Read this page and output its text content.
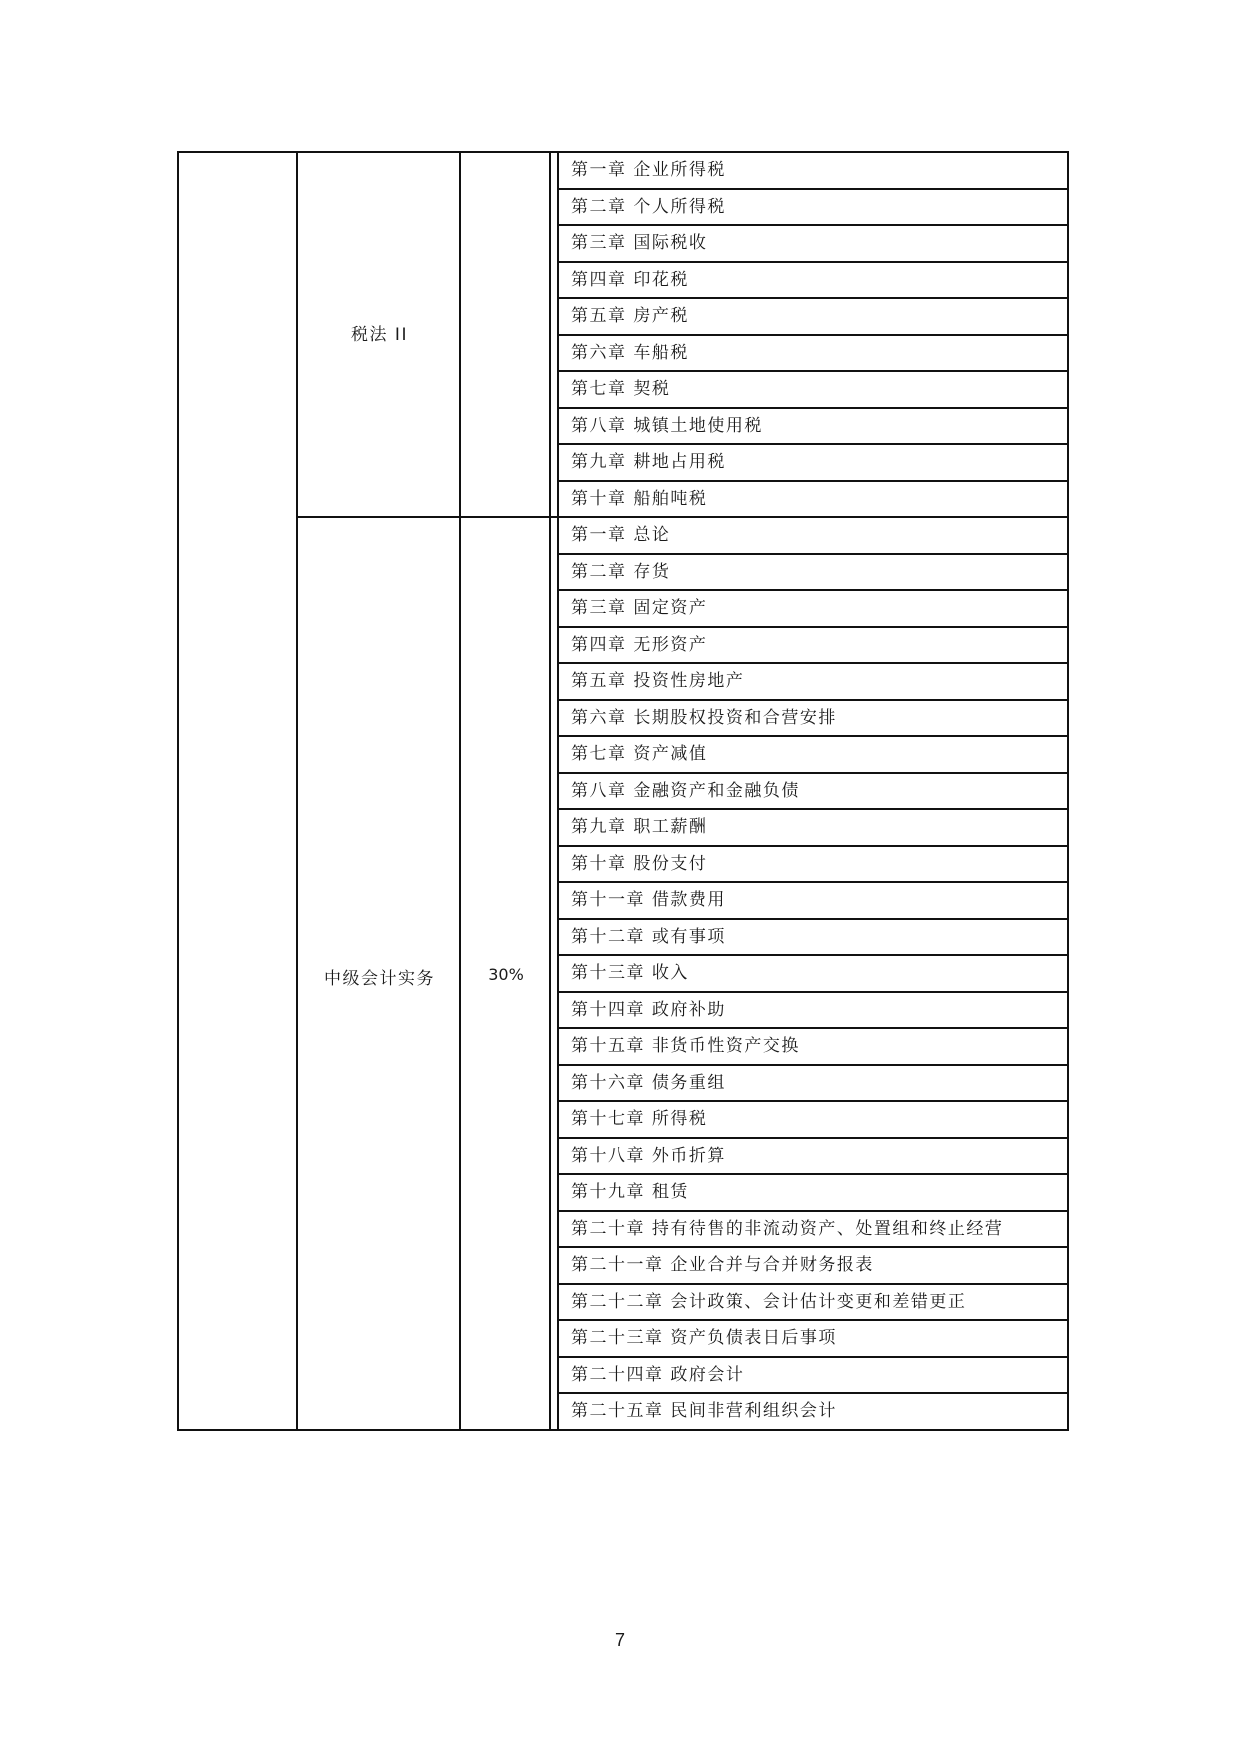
税法 II
中级会计实务	30%
第一章 企业所得税
第二章 个人所得税
第三章 国际税收
第四章 印花税
第五章 房产税
第六章 车船税
第七章 契税
第八章 城镇土地使用税
第九章 耕地占用税
第十章 船舶吨税
第一章 总论
第二章 存货
第三章 固定资产
第四章 无形资产
第五章 投资性房地产
第六章 长期股权投资和合营安排
第七章 资产减值
第八章 金融资产和金融负债
第九章 职工薪酬
第十章 股份支付
第十一章 借款费用
第十二章 或有事项
第十三章 收入
第十四章 政府补助
第十五章 非货币性资产交换
第十六章 债务重组
第十七章 所得税
第十八章 外币折算
第十九章 租赁
第二十章 持有待售的非流动资产、处置组和终止经营
第二十一章 企业合并与合并财务报表
第二十二章 会计政策、会计估计变更和差错更正
第二十三章 资产负债表日后事项
第二十四章 政府会计
第二十五章 民间非营利组织会计
7
